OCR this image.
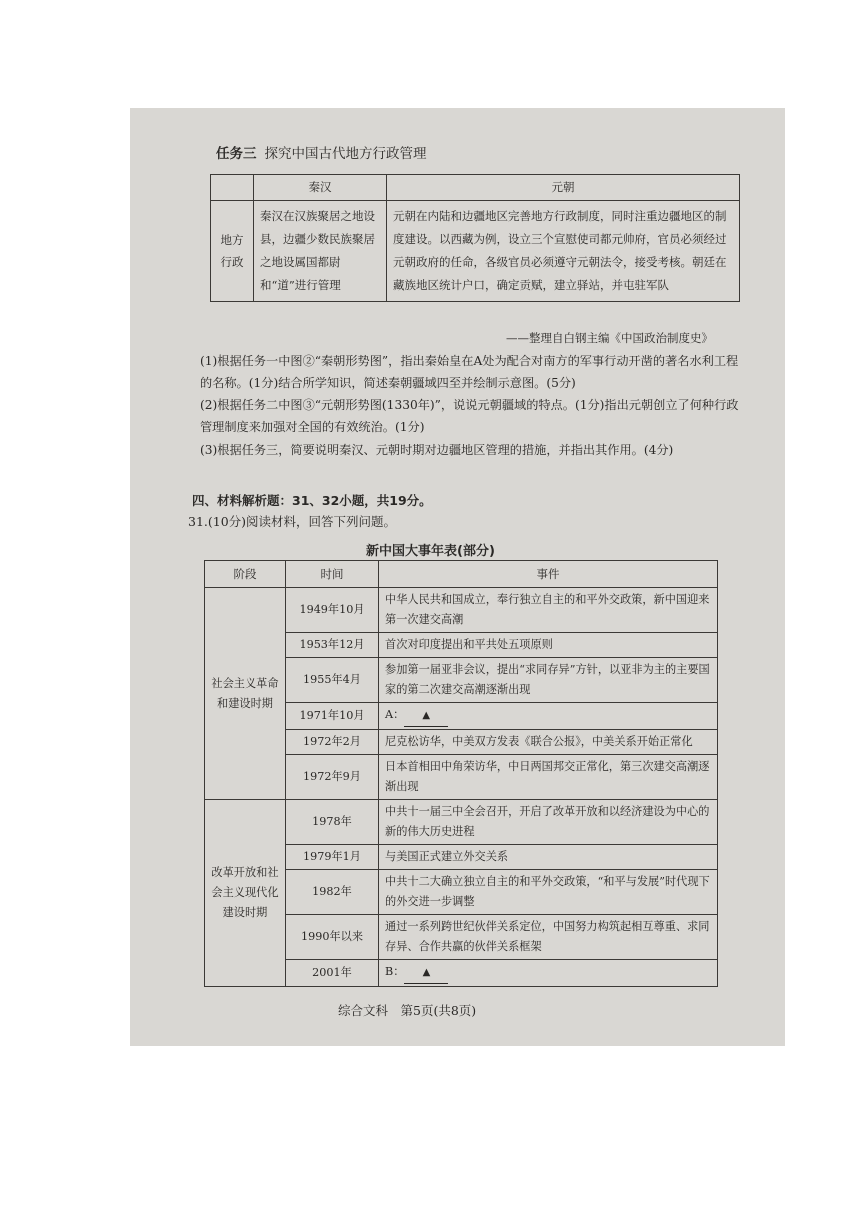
任务三 探究中国古代地方行政管理
	秦汉	元朝
地方行政	秦汉在汉族聚居之地设县，边疆少数民族聚居之地设属国都尉和“道”进行管理	元朝在内陆和边疆地区完善地方行政制度，同时注重边疆地区的制度建设。以西藏为例，设立三个宣慰使司都元帅府，官员必须经过元朝政府的任命，各级官员必须遵守元朝法令，接受考核。朝廷在藏族地区统计户口，确定贡赋，建立驿站，并屯驻军队
——整理自白钢主编《中国政治制度史》
(1)根据任务一中图②“秦朝形势图”，指出秦始皇在A处为配合对南方的军事行动开凿的著名水利工程的名称。(1分)结合所学知识，简述秦朝疆域四至并绘制示意图。(5分)
(2)根据任务二中图③“元朝形势图(1330年)”，说说元朝疆域的特点。(1分)指出元朝创立了何种行政管理制度来加强对全国的有效统治。(1分)
(3)根据任务三，简要说明秦汉、元朝时期对边疆地区管理的措施，并指出其作用。(4分)
四、材料解析题：31、32小题，共19分。
31.(10分)阅读材料，回答下列问题。
新中国大事年表(部分)
阶段	时间	事件
社会主义革命和建设时期	1949年10月	中华人民共和国成立，奉行独立自主的和平外交政策，新中国迎来第一次建交高潮
	1953年12月	首次对印度提出和平共处五项原则
	1955年4月	参加第一届亚非会议，提出“求同存异”方针，以亚非为主的主要国家的第二次建交高潮逐渐出现
	1971年10月	A： ▲
	1972年2月	尼克松访华，中美双方发表《联合公报》，中美关系开始正常化
	1972年9月	日本首相田中角荣访华，中日两国邦交正常化，第三次建交高潮逐渐出现
改革开放和社会主义现代化建设时期	1978年	中共十一届三中全会召开，开启了改革开放和以经济建设为中心的新的伟大历史进程
	1979年1月	与美国正式建立外交关系
	1982年	中共十二大确立独立自主的和平外交政策，“和平与发展”时代现下的外交进一步调整
	1990年以来	通过一系列跨世纪伙伴关系定位，中国努力构筑起相互尊重、求同存异、合作共赢的伙伴关系框架
	2001年	B： ▲
综合文科　第5页(共8页)
